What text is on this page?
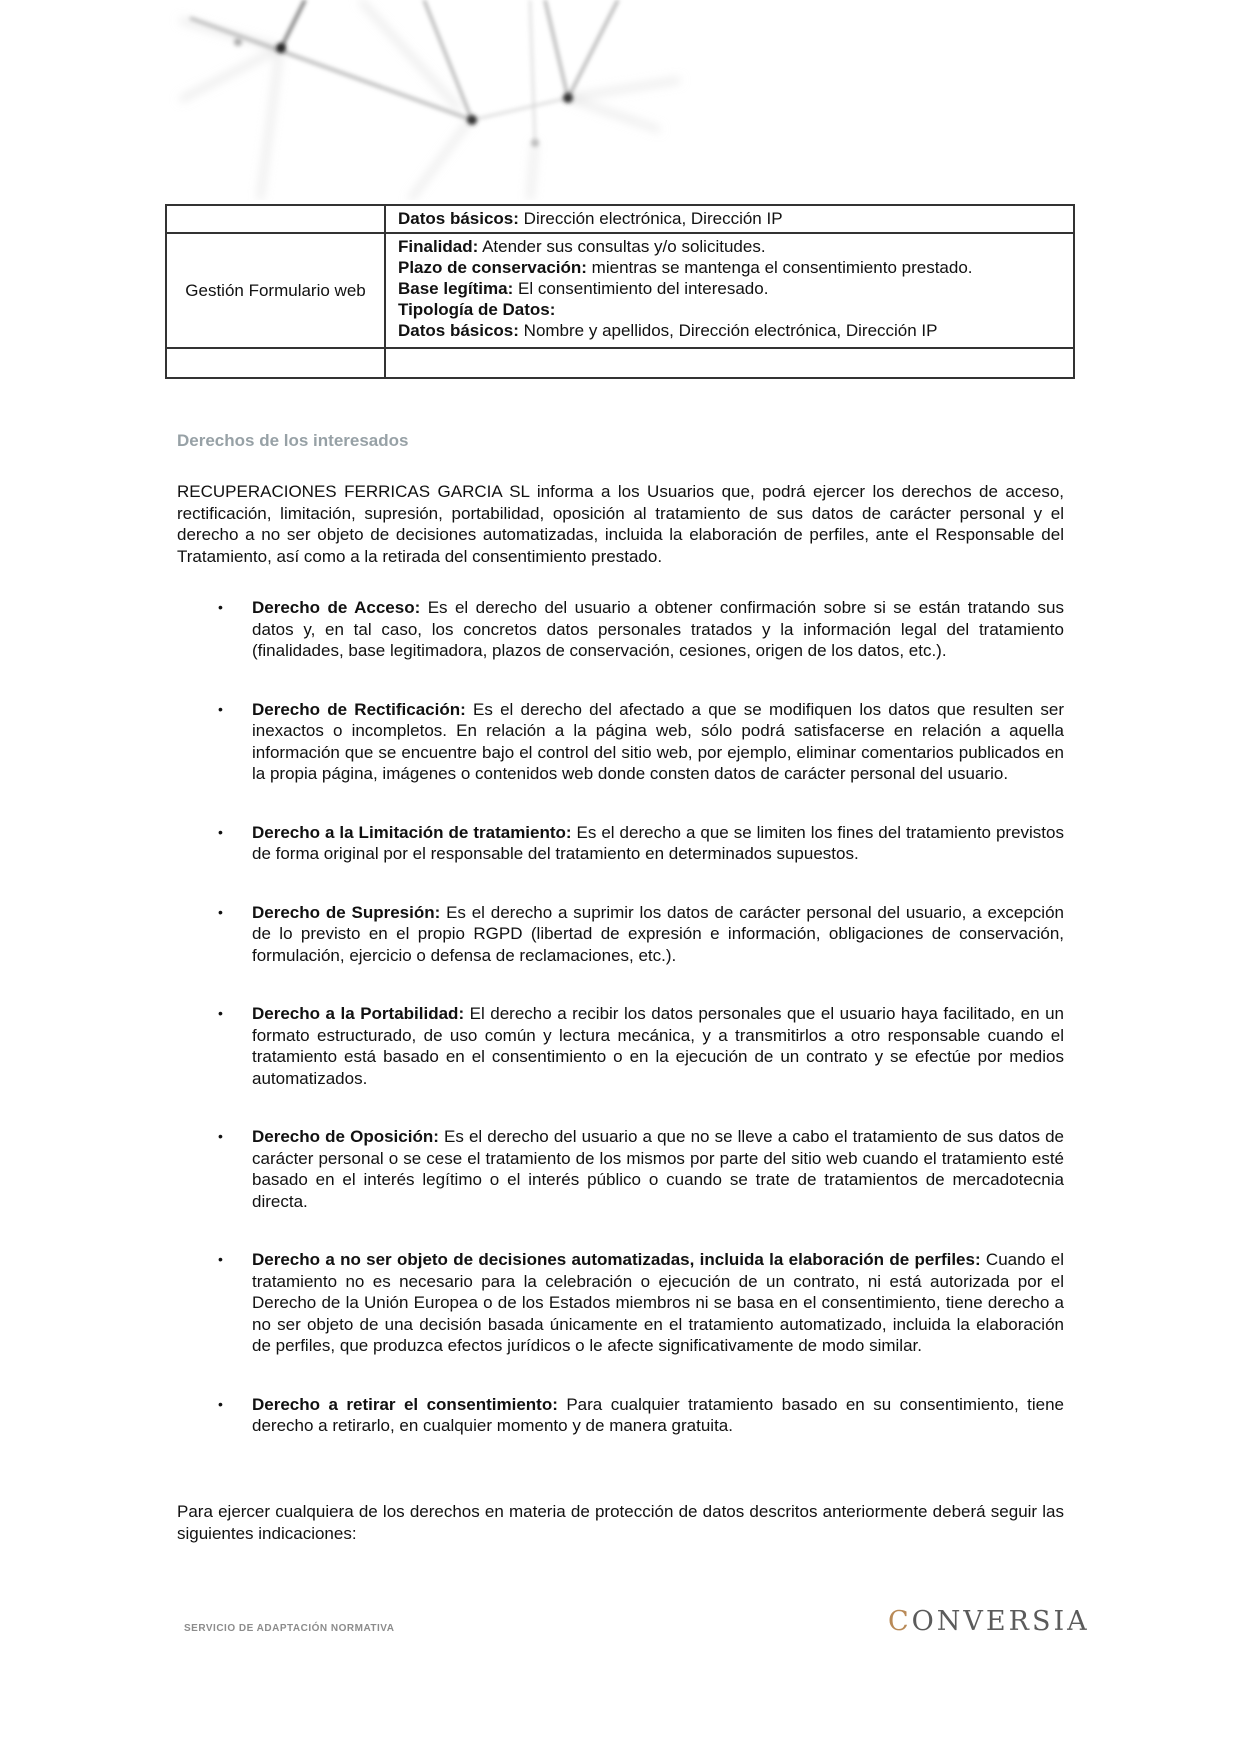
	Datos básicos: Dirección electrónica, Dirección IP

Gestión Formulario web	Finalidad: Atender sus consultas y/o solicitudes.
Plazo de conservación: mientras se mantenga el consentimiento prestado.
Base legítima: El consentimiento del interesado.
Tipología de Datos:
Datos básicos: Nombre y apellidos, Dirección electrónica, Dirección IP

Derechos de los interesados

RECUPERACIONES FERRICAS GARCIA SL informa a los Usuarios que, podrá ejercer los derechos de acceso, rectificación, limitación, supresión, portabilidad, oposición al tratamiento de sus datos de carácter personal y el derecho a no ser objeto de decisiones automatizadas, incluida la elaboración de perfiles, ante el Responsable del Tratamiento, así como a la retirada del consentimiento prestado.

• Derecho de Acceso: Es el derecho del usuario a obtener confirmación sobre si se están tratando sus datos y, en tal caso, los concretos datos personales tratados y la información legal del tratamiento (finalidades, base legitimadora, plazos de conservación, cesiones, origen de los datos, etc.).
• Derecho de Rectificación: Es el derecho del afectado a que se modifiquen los datos que resulten ser inexactos o incompletos. En relación a la página web, sólo podrá satisfacerse en relación a aquella información que se encuentre bajo el control del sitio web, por ejemplo, eliminar comentarios publicados en la propia página, imágenes o contenidos web donde consten datos de carácter personal del usuario.
• Derecho a la Limitación de tratamiento: Es el derecho a que se limiten los fines del tratamiento previstos de forma original por el responsable del tratamiento en determinados supuestos.
• Derecho de Supresión: Es el derecho a suprimir los datos de carácter personal del usuario, a excepción de lo previsto en el propio RGPD (libertad de expresión e información, obligaciones de conservación, formulación, ejercicio o defensa de reclamaciones, etc.).
• Derecho a la Portabilidad: El derecho a recibir los datos personales que el usuario haya facilitado, en un formato estructurado, de uso común y lectura mecánica, y a transmitirlos a otro responsable cuando el tratamiento está basado en el consentimiento o en la ejecución de un contrato y se efectúe por medios automatizados.
• Derecho de Oposición: Es el derecho del usuario a que no se lleve a cabo el tratamiento de sus datos de carácter personal o se cese el tratamiento de los mismos por parte del sitio web cuando el tratamiento esté basado en el interés legítimo o el interés público o cuando se trate de tratamientos de mercadotecnia directa.
• Derecho a no ser objeto de decisiones automatizadas, incluida la elaboración de perfiles: Cuando el tratamiento no es necesario para la celebración o ejecución de un contrato, ni está autorizada por el Derecho de la Unión Europea o de los Estados miembros ni se basa en el consentimiento, tiene derecho a no ser objeto de una decisión basada únicamente en el tratamiento automatizado, incluida la elaboración de perfiles, que produzca efectos jurídicos o le afecte significativamente de modo similar.
• Derecho a retirar el consentimiento: Para cualquier tratamiento basado en su consentimiento, tiene derecho a retirarlo, en cualquier momento y de manera gratuita.

Para ejercer cualquiera de los derechos en materia de protección de datos descritos anteriormente deberá seguir las siguientes indicaciones:

SERVICIO DE ADAPTACIÓN NORMATIVA	CONVERSIA
